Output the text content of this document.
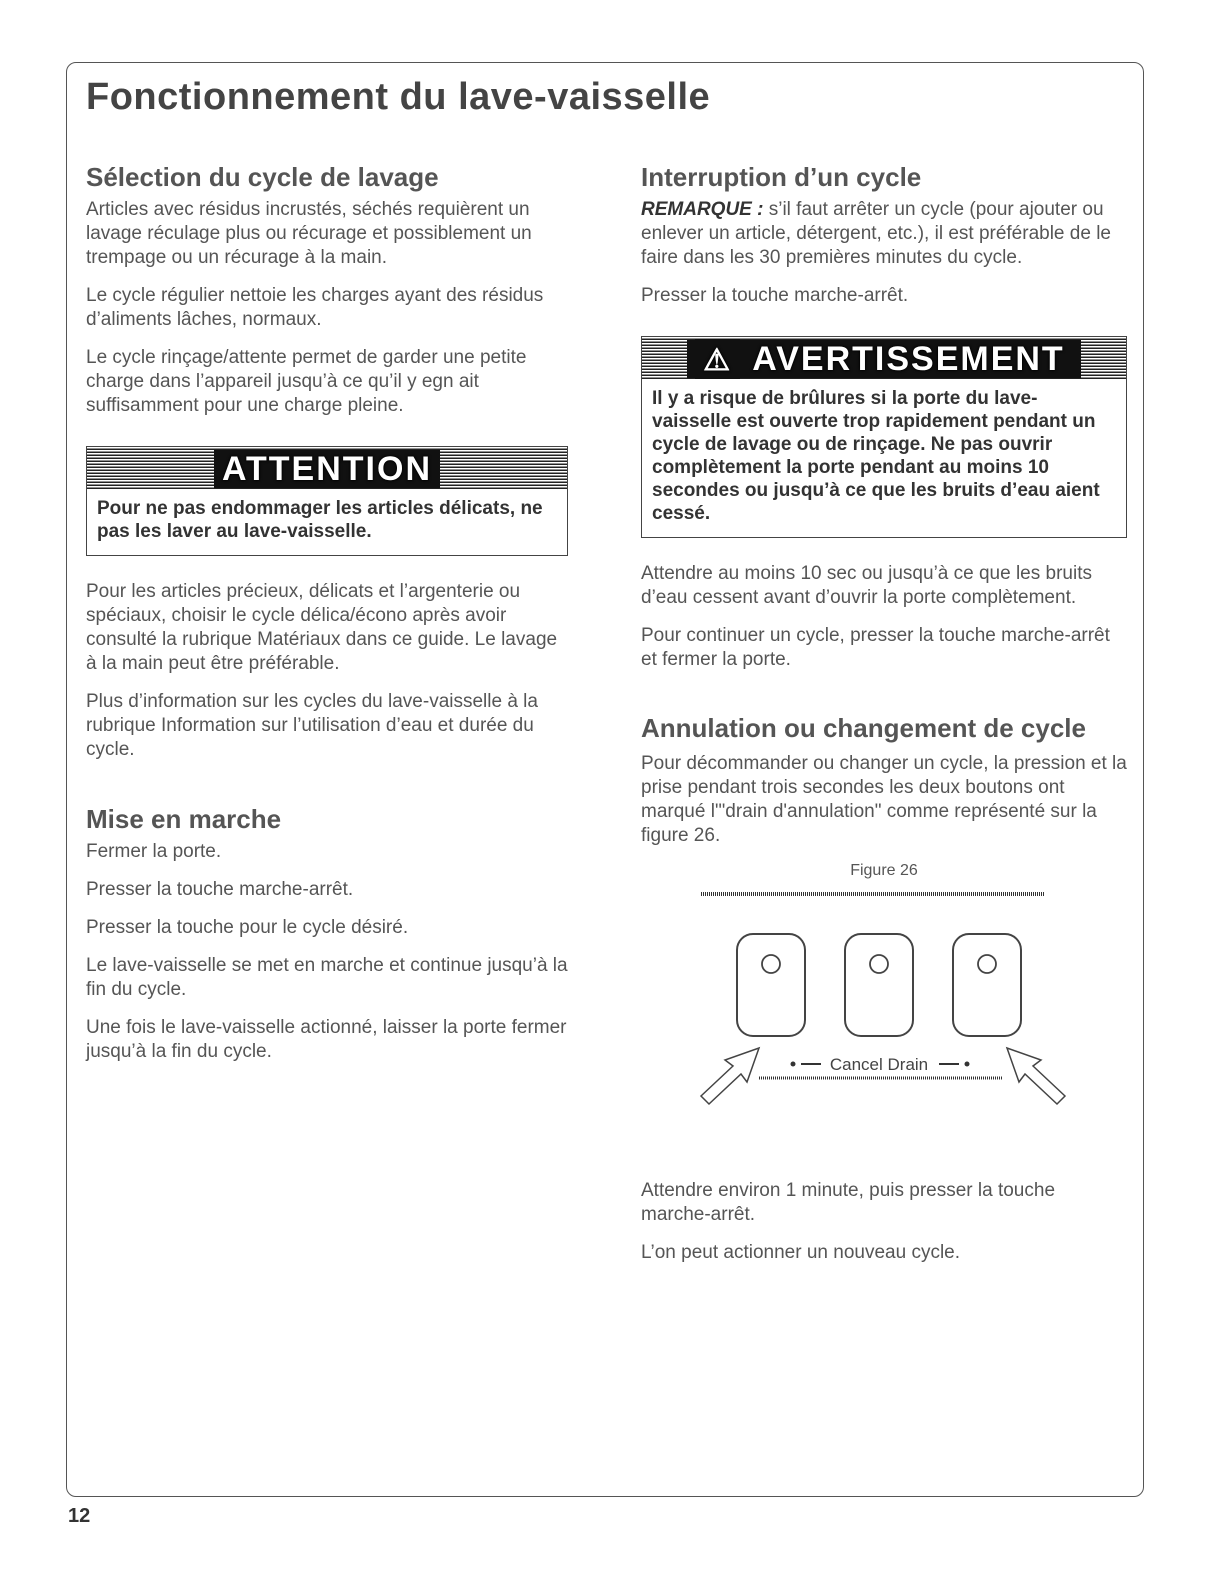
Fonctionnement du lave-vaisselle
Sélection du cycle de lavage

Articles avec résidus incrustés, séchés requièrent un lavage réculage plus ou récurage et possiblement un trempage ou un récurage à la main.

Le cycle régulier nettoie les charges ayant des résidus d’aliments lâches, normaux.

Le cycle rinçage/attente permet de garder une petite charge dans l’appareil jusqu’à ce qu’il y egn ait suffisamment pour une charge pleine.

ATTENTION
Pour ne pas endommager les articles délicats, ne pas les laver au lave-vaisselle.

Pour les articles précieux, délicats et l’argenterie ou spéciaux, choisir le cycle délica/écono après avoir consulté la rubrique Matériaux dans ce guide. Le lavage à la main peut être préférable.

Plus d’information sur les cycles du lave-vaisselle à la rubrique Information sur l’utilisation d’eau et durée du cycle.

Mise en marche

Fermer la porte.

Presser la touche marche-arrêt.

Presser la touche pour le cycle désiré.

Le lave-vaisselle se met en marche et continue jusqu’à la fin du cycle.

Une fois le lave-vaisselle actionné, laisser la porte fermer jusqu’à la fin du cycle.

Interruption d’un cycle

REMARQUE : s’il faut arrêter un cycle (pour ajouter ou enlever un article, détergent, etc.), il est préférable de le faire dans les 30 premières minutes du cycle.

Presser la touche marche-arrêt.

⚠ AVERTISSEMENT
Il y a risque de brûlures si la porte du lave-vaisselle est ouverte trop rapidement pendant un cycle de lavage ou de rinçage. Ne pas ouvrir complètement la porte pendant au moins 10 secondes ou jusqu’à ce que les bruits d’eau aient cessé.

Attendre au moins 10 sec ou jusqu’à ce que les bruits d’eau cessent avant d’ouvrir la porte complètement.

Pour continuer un cycle, presser la touche marche-arrêt et fermer la porte.

Annulation ou changement de cycle

Pour décommander ou changer un cycle, la pression et la prise pendant trois secondes les deux boutons ont marqué l'"drain d'annulation" comme représenté sur la figure 26.

Figure 26
Cancel Drain

Attendre environ 1 minute, puis presser la touche marche-arrêt.

L’on peut actionner un nouveau cycle.

12
